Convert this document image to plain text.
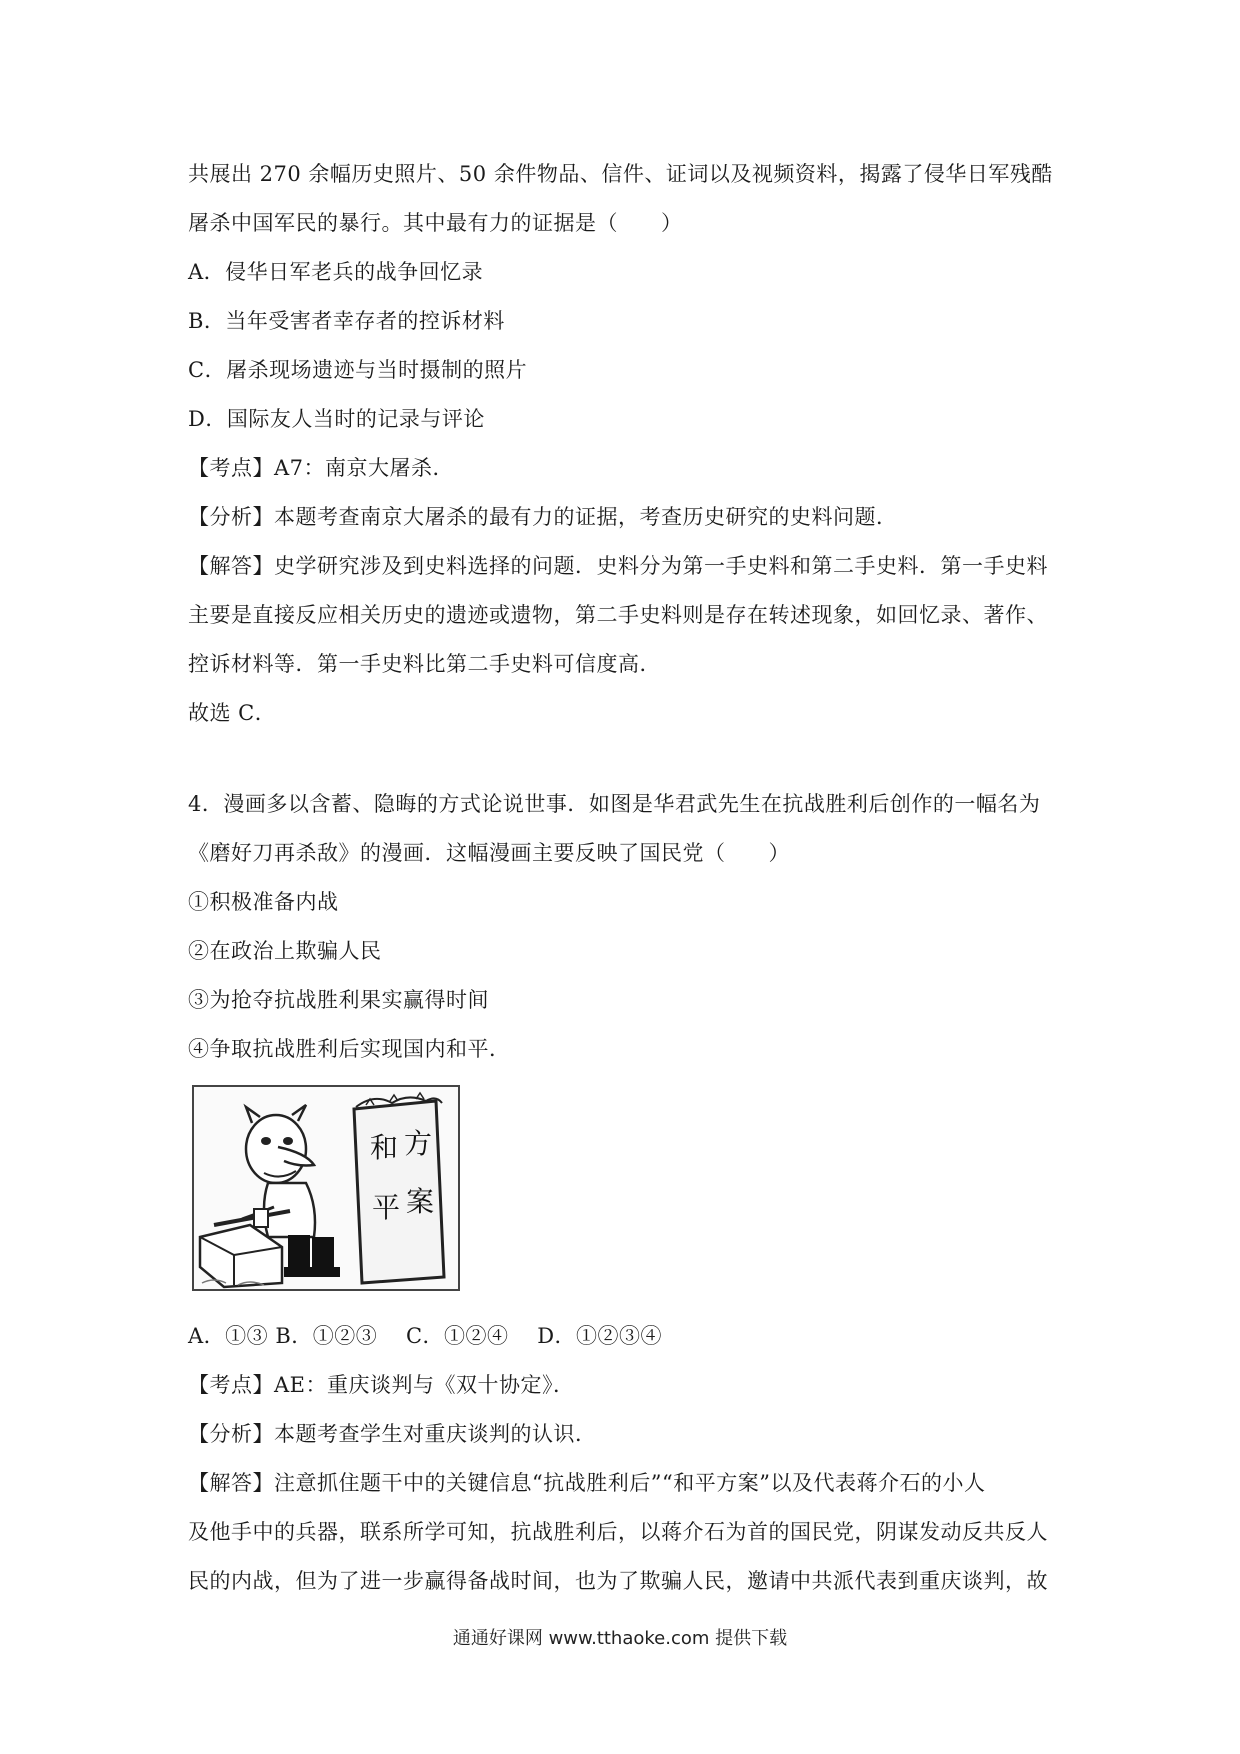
共展出 270 余幅历史照片、50 余件物品、信件、证词以及视频资料，揭露了侵华日军残酷
屠杀中国军民的暴行。其中最有力的证据是（　　）
A．侵华日军老兵的战争回忆录
B．当年受害者幸存者的控诉材料
C．屠杀现场遗迹与当时摄制的照片
D．国际友人当时的记录与评论
【考点】A7：南京大屠杀．
【分析】本题考查南京大屠杀的最有力的证据，考查历史研究的史料问题．
【解答】史学研究涉及到史料选择的问题．史料分为第一手史料和第二手史料．第一手史料
主要是直接反应相关历史的遗迹或遗物，第二手史料则是存在转述现象，如回忆录、著作、
控诉材料等．第一手史料比第二手史料可信度高．
故选 C．
4．漫画多以含蓄、隐晦的方式论说世事．如图是华君武先生在抗战胜利后创作的一幅名为
《磨好刀再杀敌》的漫画．这幅漫画主要反映了国民党（　　）
①积极准备内战
②在政治上欺骗人民
③为抢夺抗战胜利果实赢得时间
④争取抗战胜利后实现国内和平．
和 方
平 案
A．①③ B．①②③　 C．①②④　 D．①②③④
【考点】AE：重庆谈判与《双十协定》．
【分析】本题考查学生对重庆谈判的认识．
【解答】注意抓住题干中的关键信息“抗战胜利后”“和平方案”以及代表蒋介石的小人
及他手中的兵器，联系所学可知，抗战胜利后，以蒋介石为首的国民党，阴谋发动反共反人
民的内战，但为了进一步赢得备战时间，也为了欺骗人民，邀请中共派代表到重庆谈判，故
通通好课网 www.tthaoke.com 提供下载
